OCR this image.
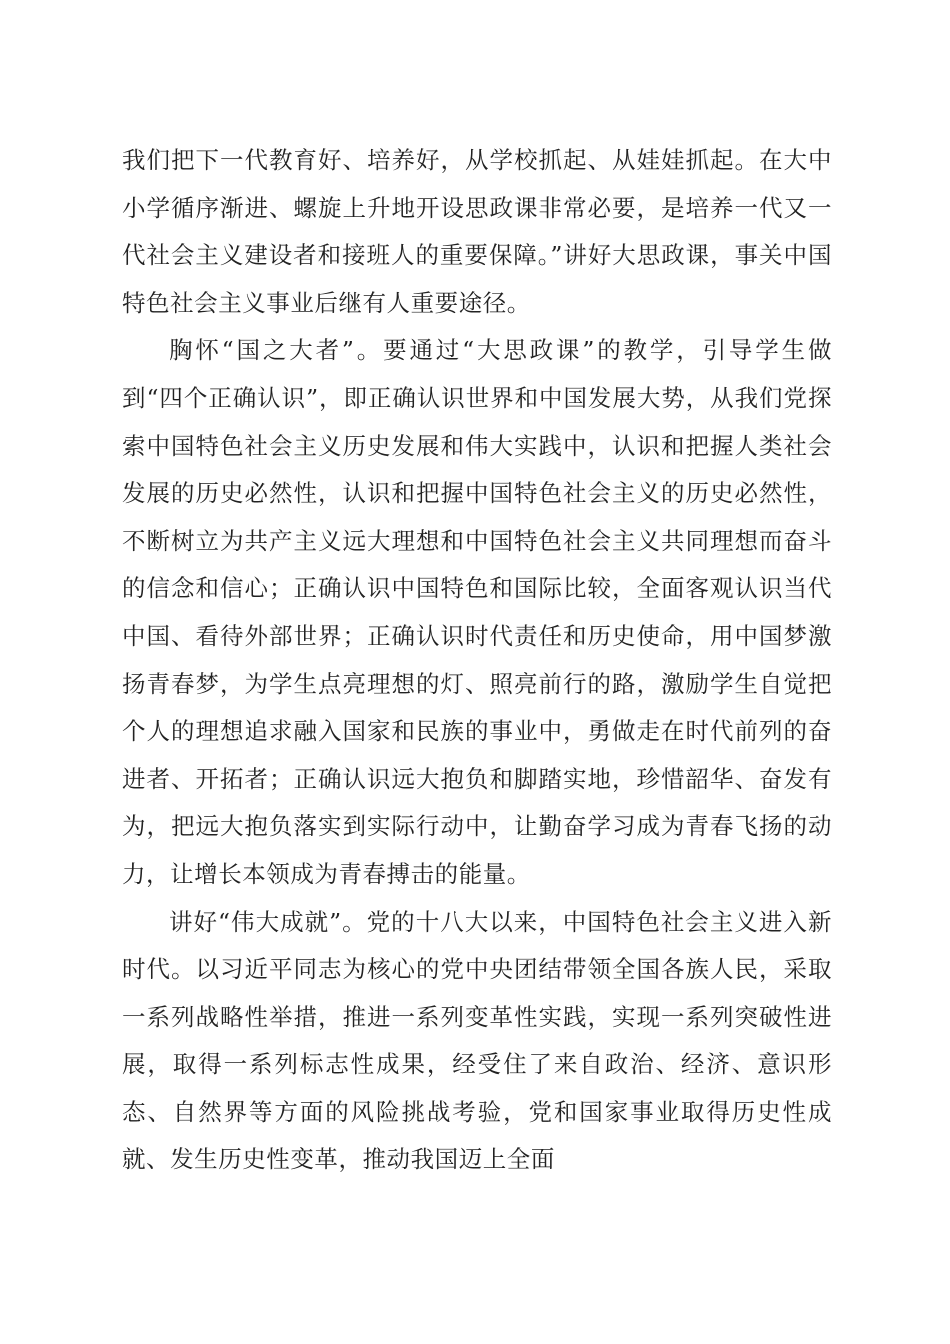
我们把下一代教育好、培养好，从学校抓起、从娃娃抓起。在大中小学循序渐进、螺旋上升地开设思政课非常必要，是培养一代又一代社会主义建设者和接班人的重要保障。”讲好大思政课，事关中国特色社会主义事业后继有人重要途径。

胸怀“国之大者”。要通过“大思政课”的教学，引导学生做到“四个正确认识”，即正确认识世界和中国发展大势，从我们党探索中国特色社会主义历史发展和伟大实践中，认识和把握人类社会发展的历史必然性，认识和把握中国特色社会主义的历史必然性，不断树立为共产主义远大理想和中国特色社会主义共同理想而奋斗的信念和信心；正确认识中国特色和国际比较，全面客观认识当代中国、看待外部世界；正确认识时代责任和历史使命，用中国梦激扬青春梦，为学生点亮理想的灯、照亮前行的路，激励学生自觉把个人的理想追求融入国家和民族的事业中，勇做走在时代前列的奋进者、开拓者；正确认识远大抱负和脚踏实地，珍惜韶华、奋发有为，把远大抱负落实到实际行动中，让勤奋学习成为青春飞扬的动力，让增长本领成为青春搏击的能量。

讲好“伟大成就”。党的十八大以来，中国特色社会主义进入新时代。以习近平同志为核心的党中央团结带领全国各族人民，采取一系列战略性举措，推进一系列变革性实践，实现一系列突破性进展，取得一系列标志性成果，经受住了来自政治、经济、意识形态、自然界等方面的风险挑战考验，党和国家事业取得历史性成就、发生历史性变革，推动我国迈上全面
